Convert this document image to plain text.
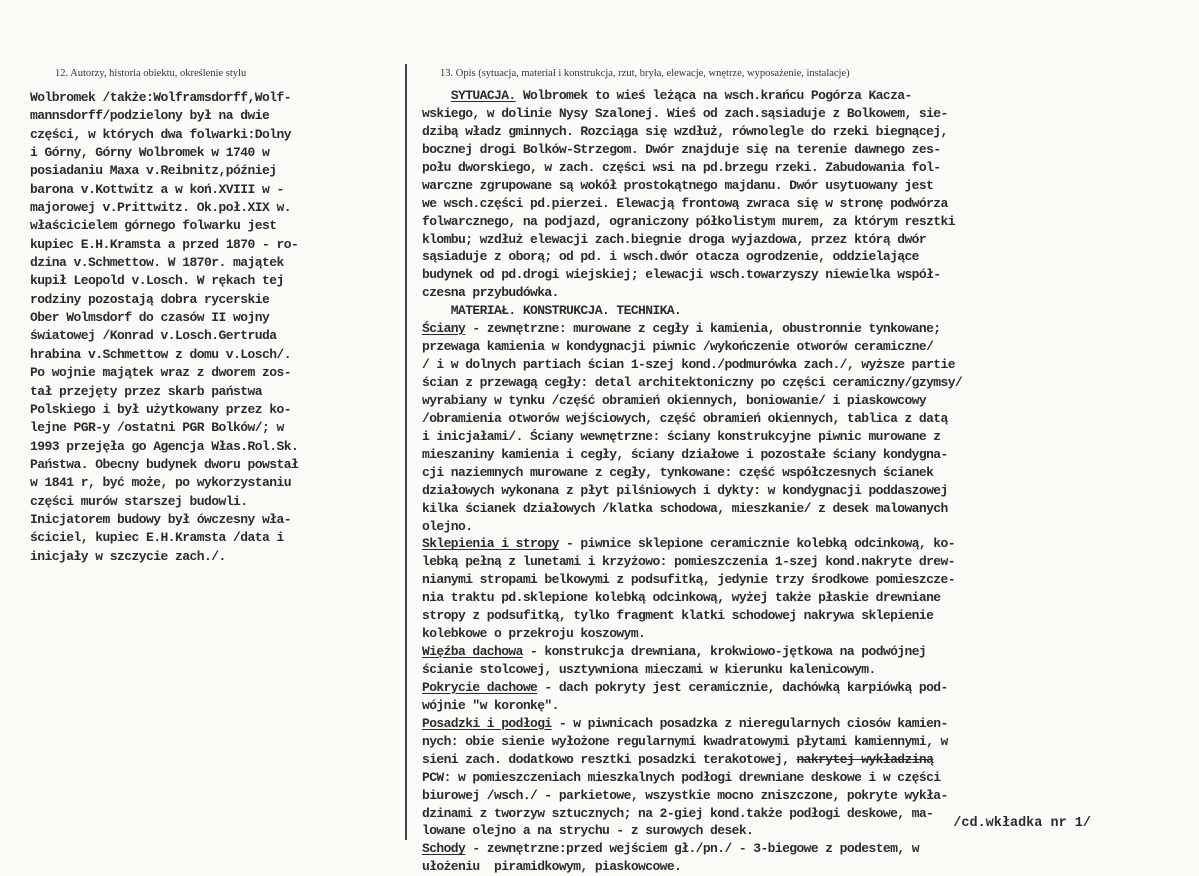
12. Autorzy, historia obiektu, określenie stylu	13. Opis (sytuacja, materiał i konstrukcja, rzut, bryła, elewacje, wnętrze, wyposażenie, instalacje)
Wolbromek /także:Wolframsdorff,Wolf-
mannsdorff/podzielony był na dwie
części, w których dwa folwarki:Dolny
i Górny, Górny Wolbromek w 1740 w
posiadaniu Maxa v.Reibnitz,później
barona v.Kottwitz a w koń.XVIII w -
majorowej v.Prittwitz. Ok.poł.XIX w.
właścicielem górnego folwarku jest
kupiec E.H.Kramsta a przed 1870 - ro-
dzina v.Schmettow. W 1870r. majątek
kupił Leopold v.Losch. W rękach tej
rodziny pozostają dobra rycerskie
Ober Wolmsdorf do czasów II wojny
światowej /Konrad v.Losch.Gertruda
hrabina v.Schmettow z domu v.Losch/.
Po wojnie majątek wraz z dworem zos-
tał przejęty przez skarb państwa
Polskiego i był użytkowany przez ko-
lejne PGR-y /ostatni PGR Bolków/; w
1993 przejęła go Agencja Włas.Rol.Sk.
Państwa. Obecny budynek dworu powstał
w 1841 r, być może, po wykorzystaniu
części murów starszej budowli.
Inicjatorem budowy był ówczesny wła-
ściciel, kupiec E.H.Kramsta /data i
inicjały w szczycie zach./.
SYTUACJA. Wolbromek to wieś leżąca na wsch.krańcu Pogórza Kacza-
wskiego, w dolinie Nysy Szalonej. Wieś od zach.sąsiaduje z Bolkowem, sie-
dzibą władz gminnych. Rozciąga się wzdłuż, równolegle do rzeki biegnącej,
bocznej drogi Bolków-Strzegom. Dwór znajduje się na terenie dawnego zes-
połu dworskiego, w zach. części wsi na pd.brzegu rzeki. Zabudowania fol-
warczne zgrupowane są wokół prostokątnego majdanu. Dwór usytuowany jest
we wsch.części pd.pierzei. Elewacją frontową zwraca się w stronę podwórza
folwarcznego, na podjazd, ograniczony półkolistym murem, za którym resztki
klombu; wzdłuż elewacji zach.biegnie droga wyjazdowa, przez którą dwór
sąsiaduje z oborą; od pd. i wsch.dwór otacza ogrodzenie, oddzielające
budynek od pd.drogi wiejskiej; elewacji wsch.towarzyszy niewielka współ-
czesna przybudówka.
MATERIAŁ. KONSTRUKCJA. TECHNIKA.
Ściany - zewnętrzne: murowane z cegły i kamienia, obustronnie tynkowane;
przewaga kamienia w kondygnacji piwnic /wykończenie otworów ceramiczne/
/ i w dolnych partiach ścian 1-szej kond./podmurówka zach./, wyższe partie
ścian z przewagą cegły: detal architektoniczny po części ceramiczny/gzymsy/
wyrabiany w tynku /część obramień okiennych, boniowanie/ i piaskowcowy
/obramienia otworów wejściowych, część obramień okiennych, tablica z datą
i inicjałami/. Ściany wewnętrzne: ściany konstrukcyjne piwnic murowane z
mieszaniny kamienia i cegły, ściany działowe i pozostałe ściany kondygna-
cji naziemnych murowane z cegły, tynkowane: część współczesnych ścianek
działowych wykonana z płyt pilśniowych i dykty: w kondygnacji poddaszowej
kilka ścianek działowych /klatka schodowa, mieszkanie/ z desek malowanych
olejno.
Sklepienia i stropy - piwnice sklepione ceramicznie kolebką odcinkową, ko-
lebką pełną z lunetami i krzyżowo: pomieszczenia 1-szej kond.nakryte drew-
nianymi stropami belkowymi z podsufitką, jedynie trzy środkowe pomieszcze-
nia traktu pd.sklepione kolebką odcinkową, wyżej także płaskie drewniane
stropy z podsufitką, tylko fragment klatki schodowej nakrywa sklepienie
kolebkowe o przekroju koszowym.
Więźba dachowa - konstrukcja drewniana, krokwiowo-jętkowa na podwójnej
ścianie stolcowej, usztywniona mieczami w kierunku kalenicowym.
Pokrycie dachowe - dach pokryty jest ceramicznie, dachówką karpiówką pod-
wójnie "w koronkę".
Posadzki i podłogi - w piwnicach posadzka z nieregularnych ciosów kamien-
nych: obie sienie wyłożone regularnymi kwadratowymi płytami kamiennymi, w
sieni zach. dodatkowo resztki posadzki terakotowej, nakrytej wykładziną
PCW: w pomieszczeniach mieszkalnych podłogi drewniane deskowe i w części
biurowej /wsch./ - parkietowe, wszystkie mocno zniszczone, pokryte wykła-
dzinami z tworzyw sztucznych; na 2-giej kond.także podłogi deskowe, ma-
lowane olejno a na strychu - z surowych desek.
Schody - zewnętrzne:przed wejściem gł./pn./ - 3-biegowe z podestem, w
ułożeniu  piramidkowym, piaskowcowe.
/cd.wkładka nr 1/
